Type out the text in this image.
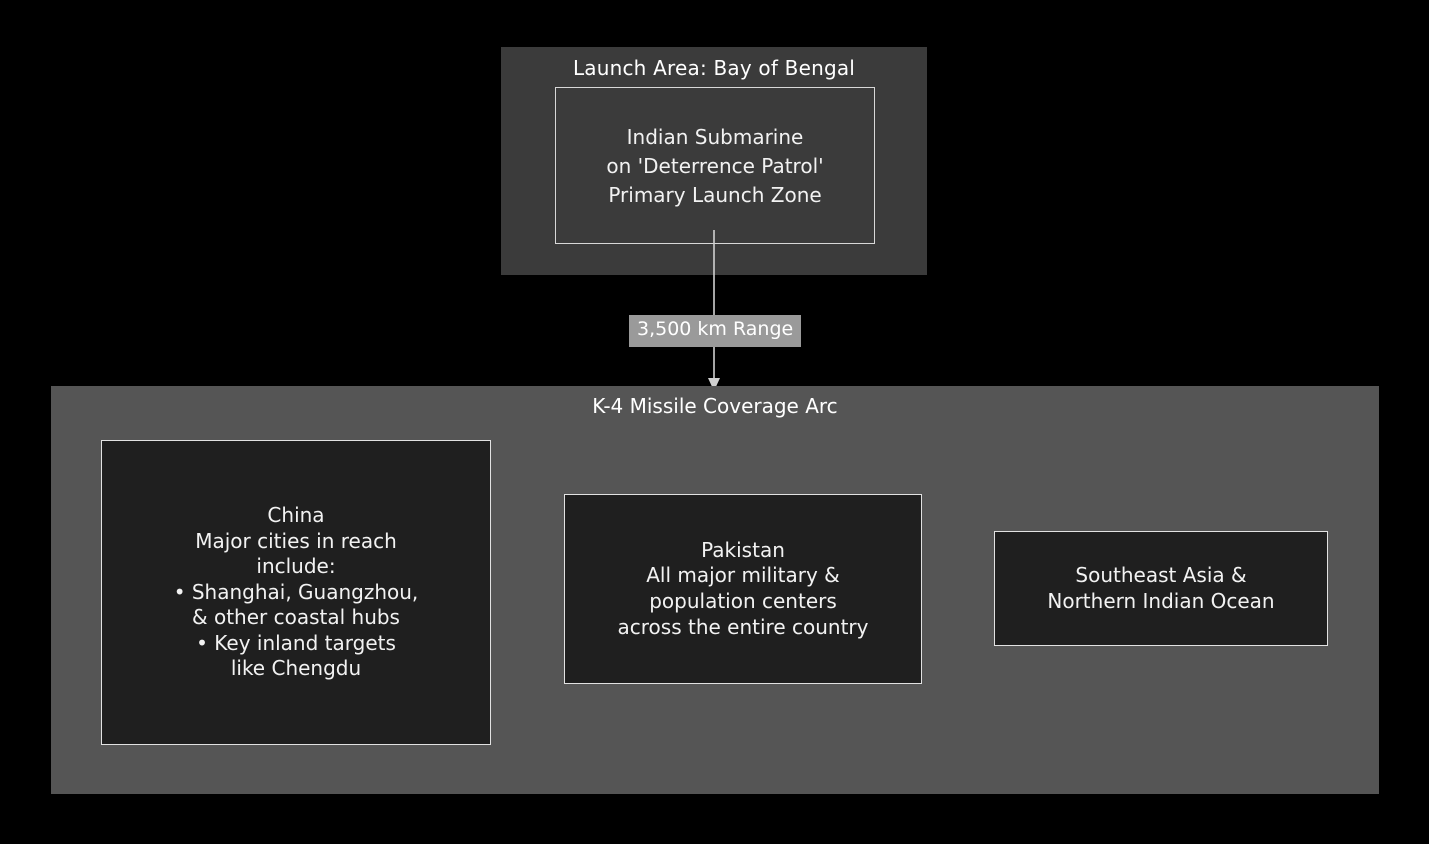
Launch Area: Bay of Bengal
Indian Submarine
on 'Deterrence Patrol'
Primary Launch Zone
3,500 km Range
K-4 Missile Coverage Arc
China
Major cities in reach
include:
• Shanghai, Guangzhou,
& other coastal hubs
• Key inland targets
like Chengdu
Pakistan
All major military &
population centers
across the entire country
Southeast Asia &
Northern Indian Ocean
